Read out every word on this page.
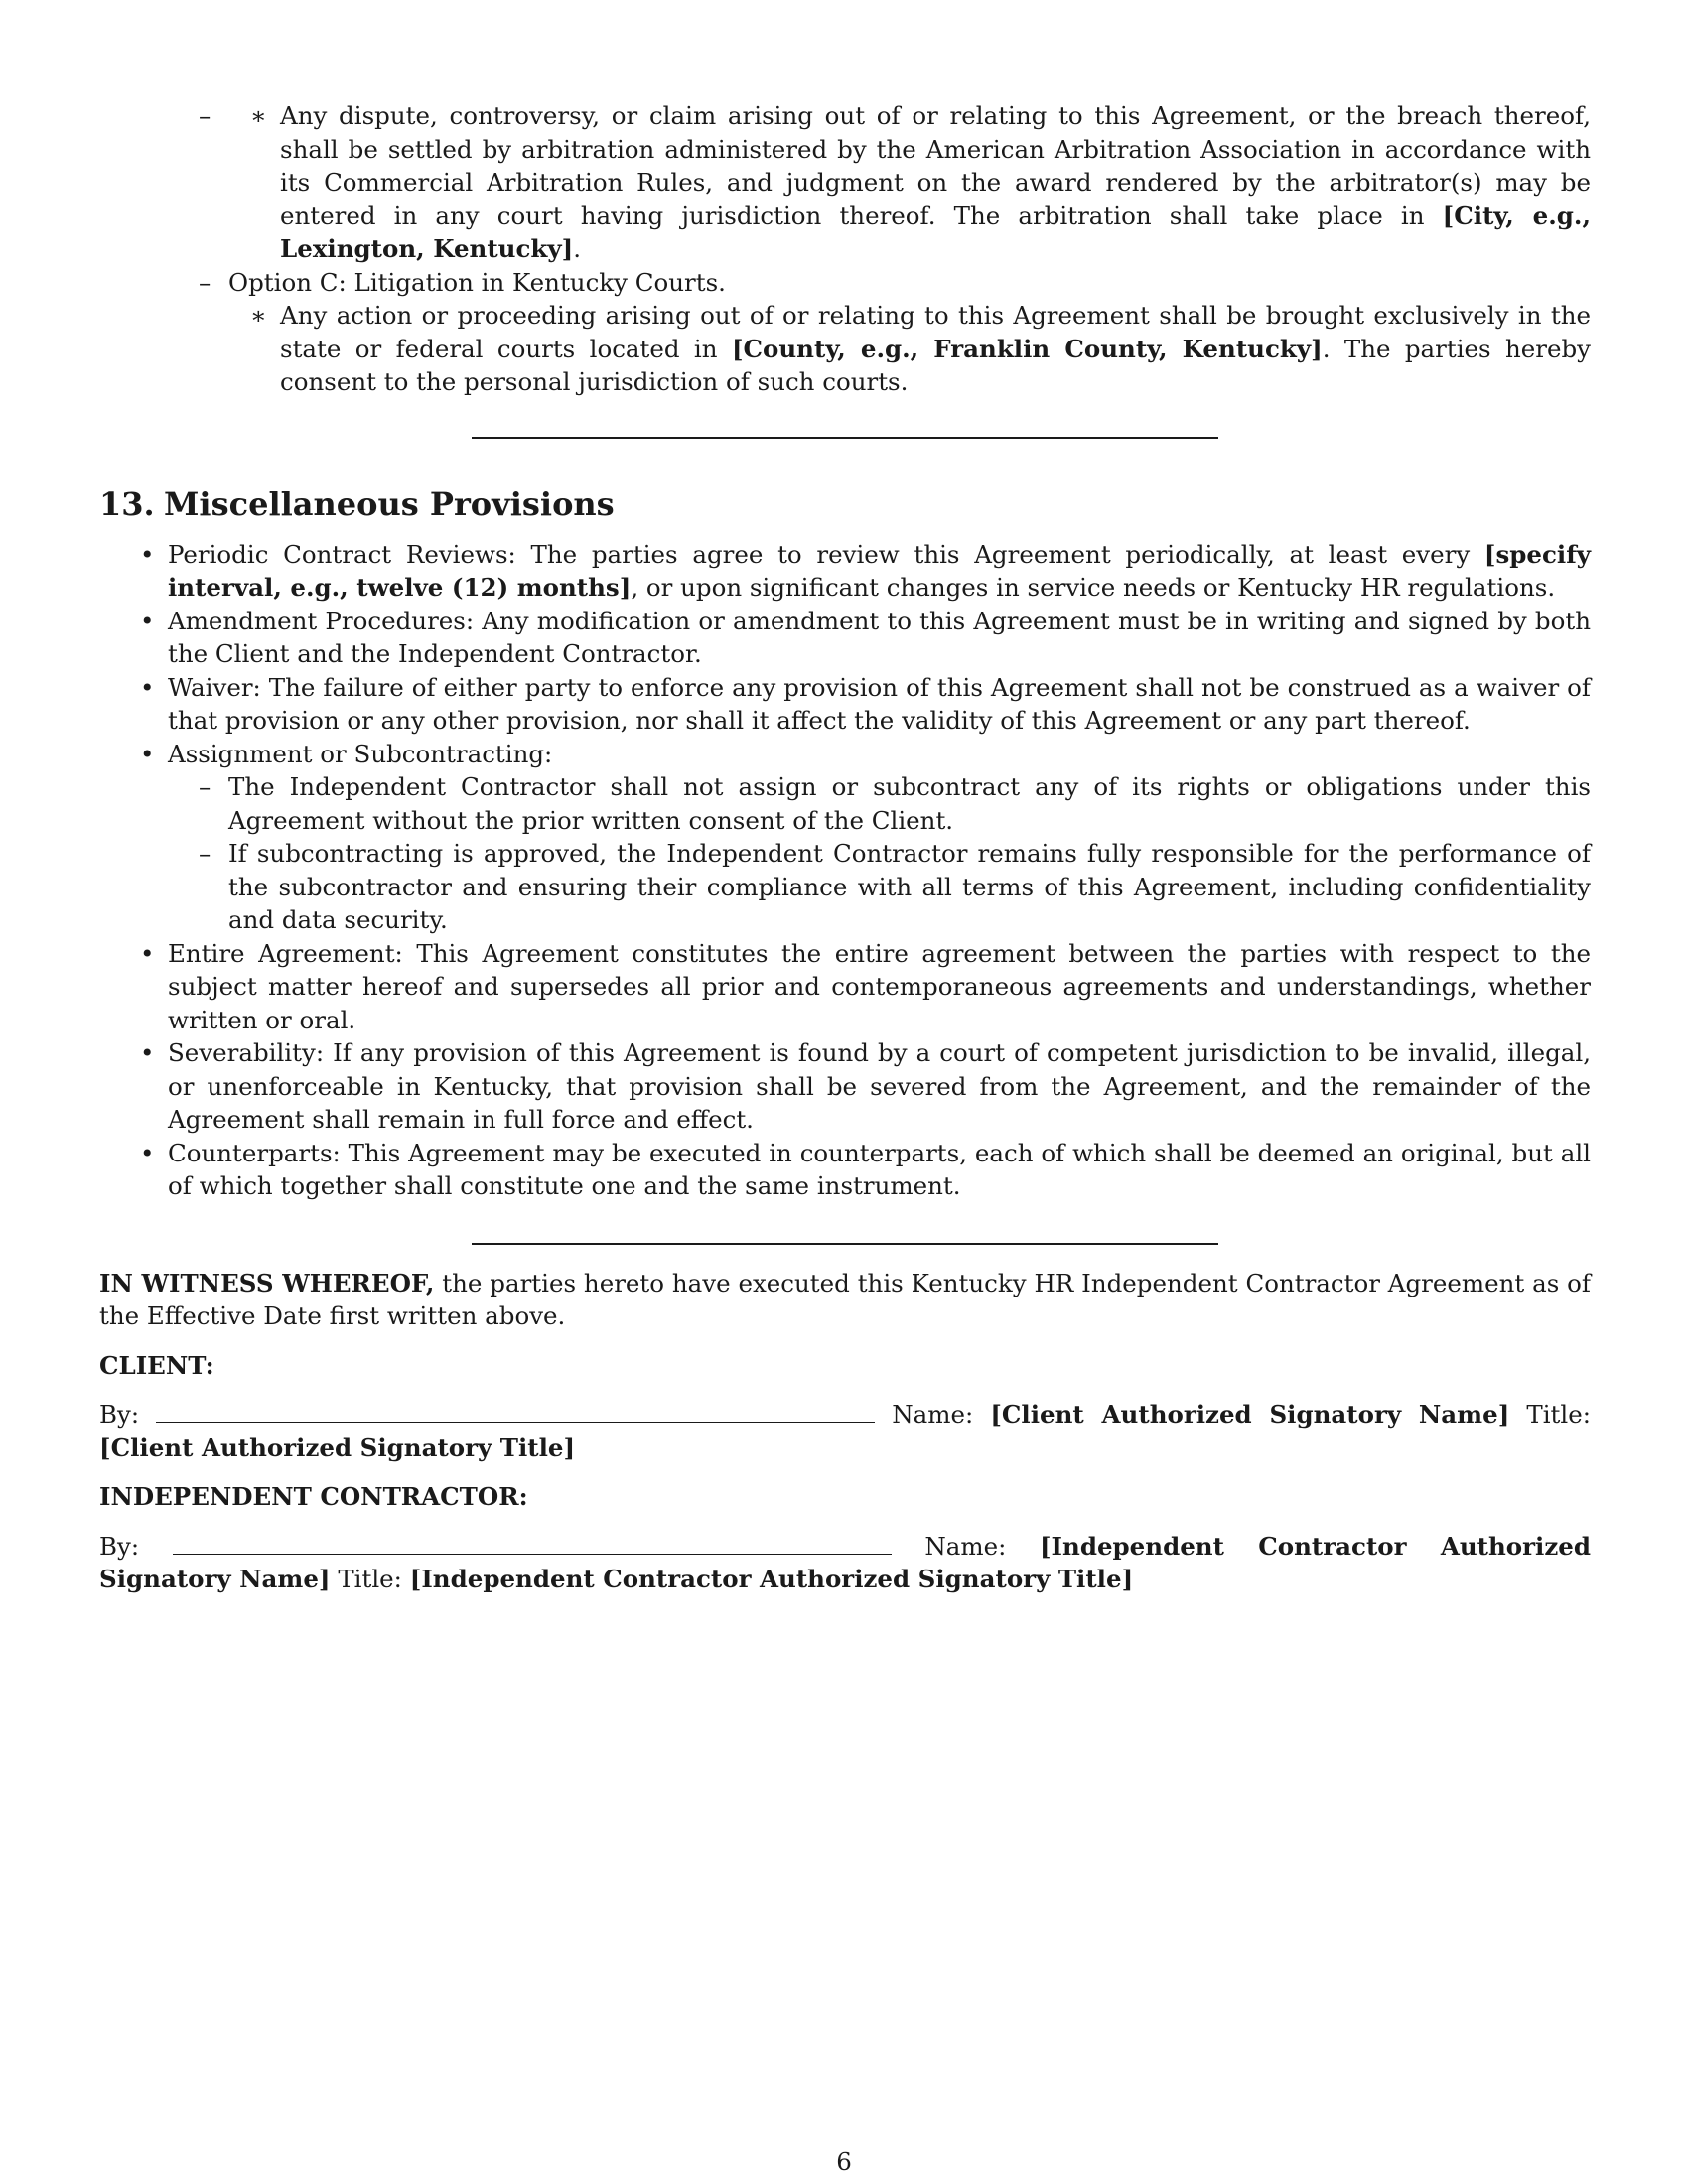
∗ – Any dispute, controversy, or claim arising out of or relating to this Agreement, or the breach thereof, shall be settled by arbitration administered by the American Arbitration Association in accordance with its Commercial Arbitration Rules, and judgment on the award rendered by the arbitrator(s) may be entered in any court having jurisdiction thereof. The arbitration shall take place in [City, e.g., Lexington, Kentucky].
– Option C: Litigation in Kentucky Courts.
∗ Any action or proceeding arising out of or relating to this Agreement shall be brought exclusively in the state or federal courts located in [County, e.g., Franklin County, Kentucky]. The parties hereby consent to the personal jurisdiction of such courts.
13. Miscellaneous Provisions
• Periodic Contract Reviews: The parties agree to review this Agreement periodically, at least every [specify interval, e.g., twelve (12) months], or upon significant changes in service needs or Kentucky HR regulations.
• Amendment Procedures: Any modification or amendment to this Agreement must be in writing and signed by both the Client and the Independent Contractor.
• Waiver: The failure of either party to enforce any provision of this Agreement shall not be construed as a waiver of that provision or any other provision, nor shall it affect the validity of this Agreement or any part thereof.
• Assignment or Subcontracting:
– The Independent Contractor shall not assign or subcontract any of its rights or obligations under this Agreement without the prior written consent of the Client.
– If subcontracting is approved, the Independent Contractor remains fully responsible for the performance of the subcontractor and ensuring their compliance with all terms of this Agreement, including confidentiality and data security.
• Entire Agreement: This Agreement constitutes the entire agreement between the parties with respect to the subject matter hereof and supersedes all prior and contemporaneous agreements and understandings, whether written or oral.
• Severability: If any provision of this Agreement is found by a court of competent jurisdiction to be invalid, illegal, or unenforceable in Kentucky, that provision shall be severed from the Agreement, and the remainder of the Agreement shall remain in full force and effect.
• Counterparts: This Agreement may be executed in counterparts, each of which shall be deemed an original, but all of which together shall constitute one and the same instrument.
IN WITNESS WHEREOF, the parties hereto have executed this Kentucky HR Independent Contractor Agreement as of the Effective Date first written above.
CLIENT:
By:	Name: [Client Authorized Signatory Name] Title: [Client Authorized Signatory Title]
INDEPENDENT CONTRACTOR:
By:	Name: [Independent Contractor Authorized Signatory Name] Title: [Independent Contractor Authorized Signatory Title]
6
